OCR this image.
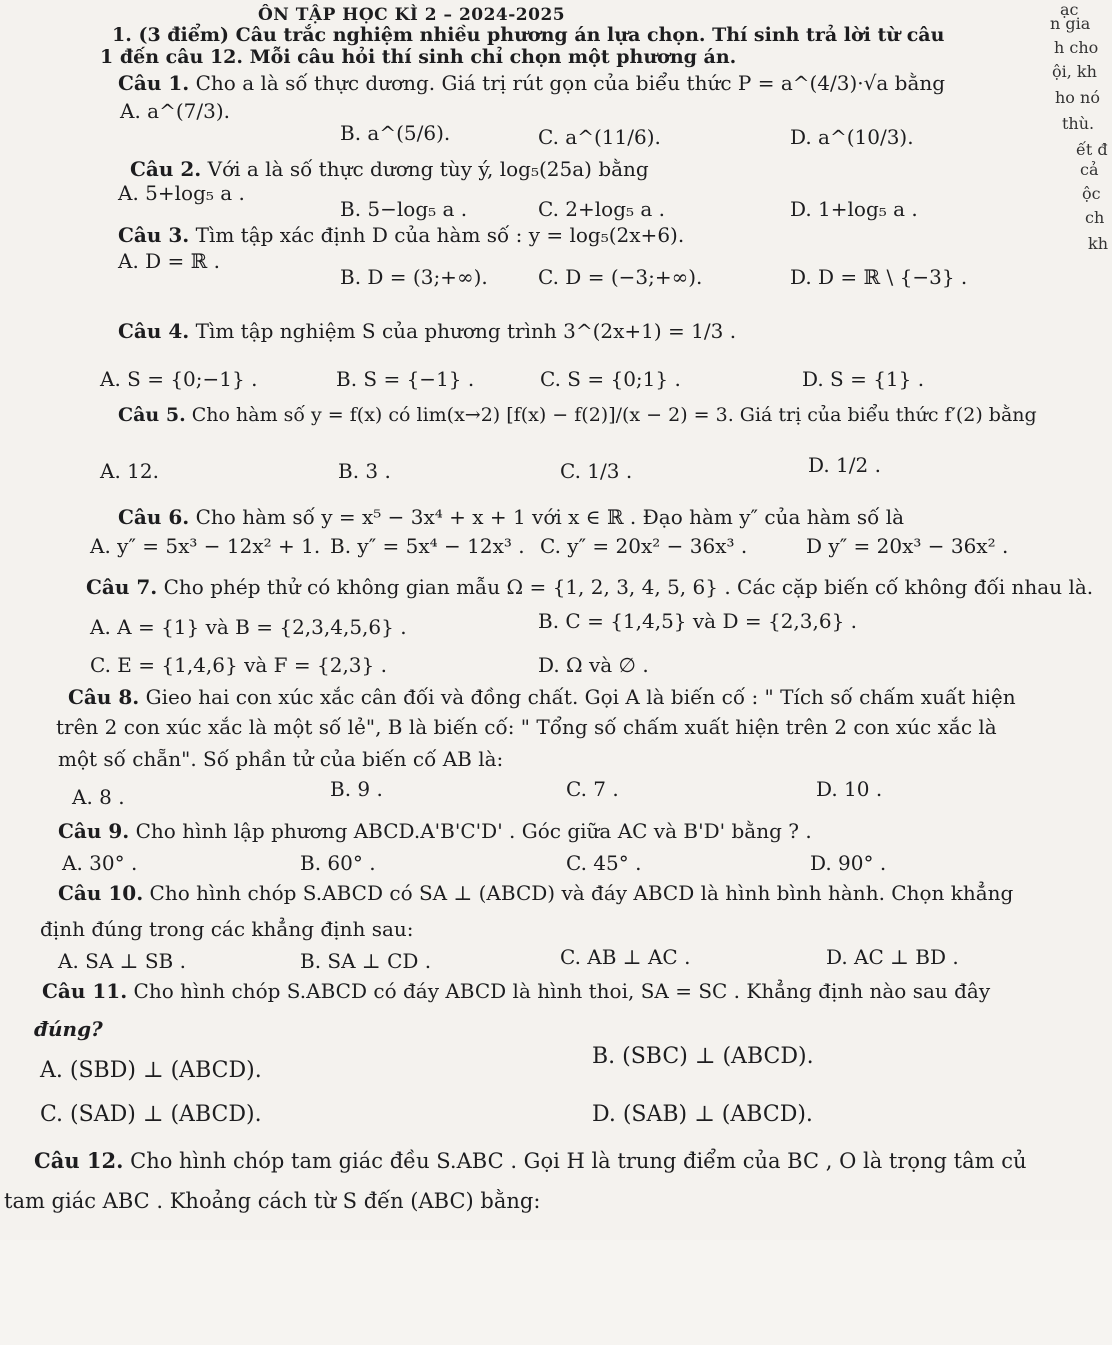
ạc
n gia
h cho
ội, kh
ho nó
thù.
ết đ
cả
ộc
ch
kh
ÔN TẬP HỌC KÌ 2 – 2024-2025
1. (3 điểm) Câu trắc nghiệm nhiều phương án lựa chọn. Thí sinh trả lời từ câu
1 đến câu 12. Mỗi câu hỏi thí sinh chỉ chọn một phương án.
Câu 1. Cho a là số thực dương. Giá trị rút gọn của biểu thức P = a^(4/3)·√a bằng
A. a^(7/3).
B. a^(5/6).	C. a^(11/6).	D. a^(10/3).
Câu 2. Với a là số thực dương tùy ý, log₅(25a) bằng
A. 5+log₅ a .
B. 5−log₅ a .	C. 2+log₅ a .	D. 1+log₅ a .
Câu 3. Tìm tập xác định D của hàm số : y = log₅(2x+6).
A. D = ℝ .
B. D = (3;+∞).	C. D = (−3;+∞).	D. D = ℝ \ {−3} .
Câu 4. Tìm tập nghiệm S của phương trình 3^(2x+1) = 1/3 .
A. S = {0;−1} .	B. S = {−1} .	C. S = {0;1} .	D. S = {1} .
Câu 5. Cho hàm số y = f(x) có lim(x→2) [f(x) − f(2)]/(x − 2) = 3. Giá trị của biểu thức f′(2) bằng
A. 12.	B. 3 .	C. 1/3 .	D. 1/2 .
Câu 6. Cho hàm số y = x⁵ − 3x⁴ + x + 1 với x ∈ ℝ . Đạo hàm y″ của hàm số là
A. y″ = 5x³ − 12x² + 1. B. y″ = 5x⁴ − 12x³ . C. y″ = 20x² − 36x³ .	D y″ = 20x³ − 36x² .
Câu 7. Cho phép thử có không gian mẫu Ω = {1, 2, 3, 4, 5, 6} . Các cặp biến cố không đối nhau là.
A. A = {1} và B = {2,3,4,5,6} .	B. C = {1,4,5} và D = {2,3,6} .
C. E = {1,4,6} và F = {2,3} .	D. Ω và ∅ .
Câu 8. Gieo hai con xúc xắc cân đối và đồng chất. Gọi A là biến cố : " Tích số chấm xuất hiện
trên 2 con xúc xắc là một số lẻ", B là biến cố: " Tổng số chấm xuất hiện trên 2 con xúc xắc là
một số chẵn". Số phần tử của biến cố AB là:
A. 8 .	B. 9 .	C. 7 .	D. 10 .
Câu 9. Cho hình lập phương ABCD.A'B'C'D' . Góc giữa AC và B'D' bằng ? .
A. 30° .	B. 60° .	C. 45° .	D. 90° .
Câu 10. Cho hình chóp S.ABCD có SA ⊥ (ABCD) và đáy ABCD là hình bình hành. Chọn khẳng
định đúng trong các khẳng định sau:
A. SA ⊥ SB .	B. SA ⊥ CD .	C. AB ⊥ AC .	D. AC ⊥ BD .
Câu 11. Cho hình chóp S.ABCD có đáy ABCD là hình thoi, SA = SC . Khẳng định nào sau đây
đúng?
A. (SBD) ⊥ (ABCD).
B. (SBC) ⊥ (ABCD).
C. (SAD) ⊥ (ABCD).	D. (SAB) ⊥ (ABCD).
Câu 12. Cho hình chóp tam giác đều S.ABC . Gọi H là trung điểm của BC , O là trọng tâm củ
tam giác ABC . Khoảng cách từ S đến (ABC) bằng:
